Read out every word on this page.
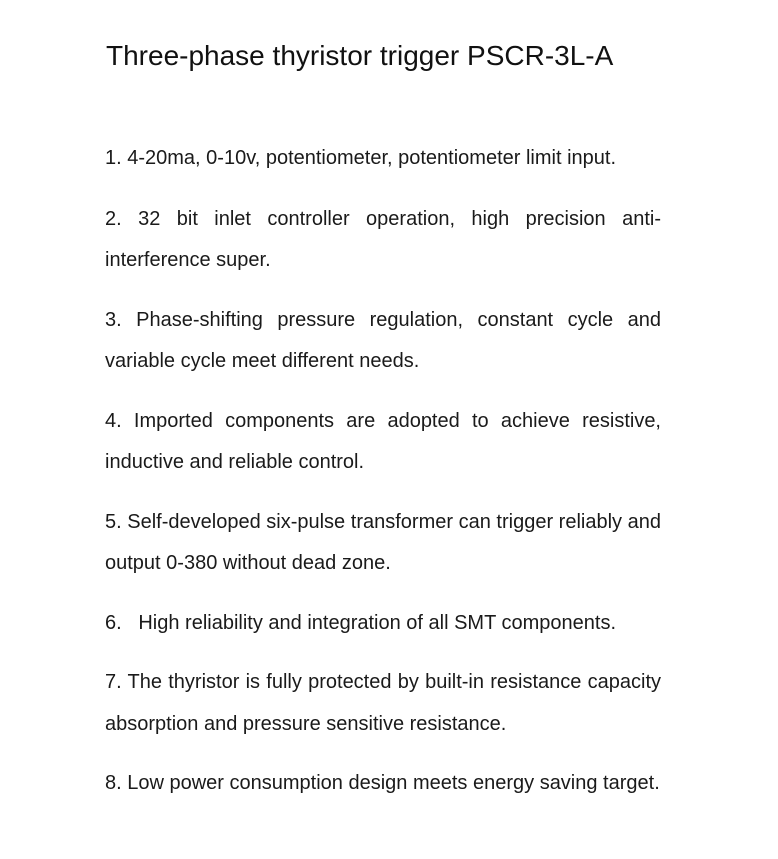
Three-phase thyristor trigger PSCR-3L-A
1. 4-20ma, 0-10v, potentiometer, potentiometer limit input.
2. 32 bit inlet controller operation, high precision anti-interference super.
3. Phase-shifting pressure regulation, constant cycle and variable cycle meet different needs.
4. Imported components are adopted to achieve resistive, inductive and reliable control.
5. Self-developed six-pulse transformer can trigger reliably and output 0-380 without dead zone.
6.   High reliability and integration of all SMT components.
7. The thyristor is fully protected by built-in resistance capacity absorption and pressure sensitive resistance.
8. Low power consumption design meets energy saving target.
